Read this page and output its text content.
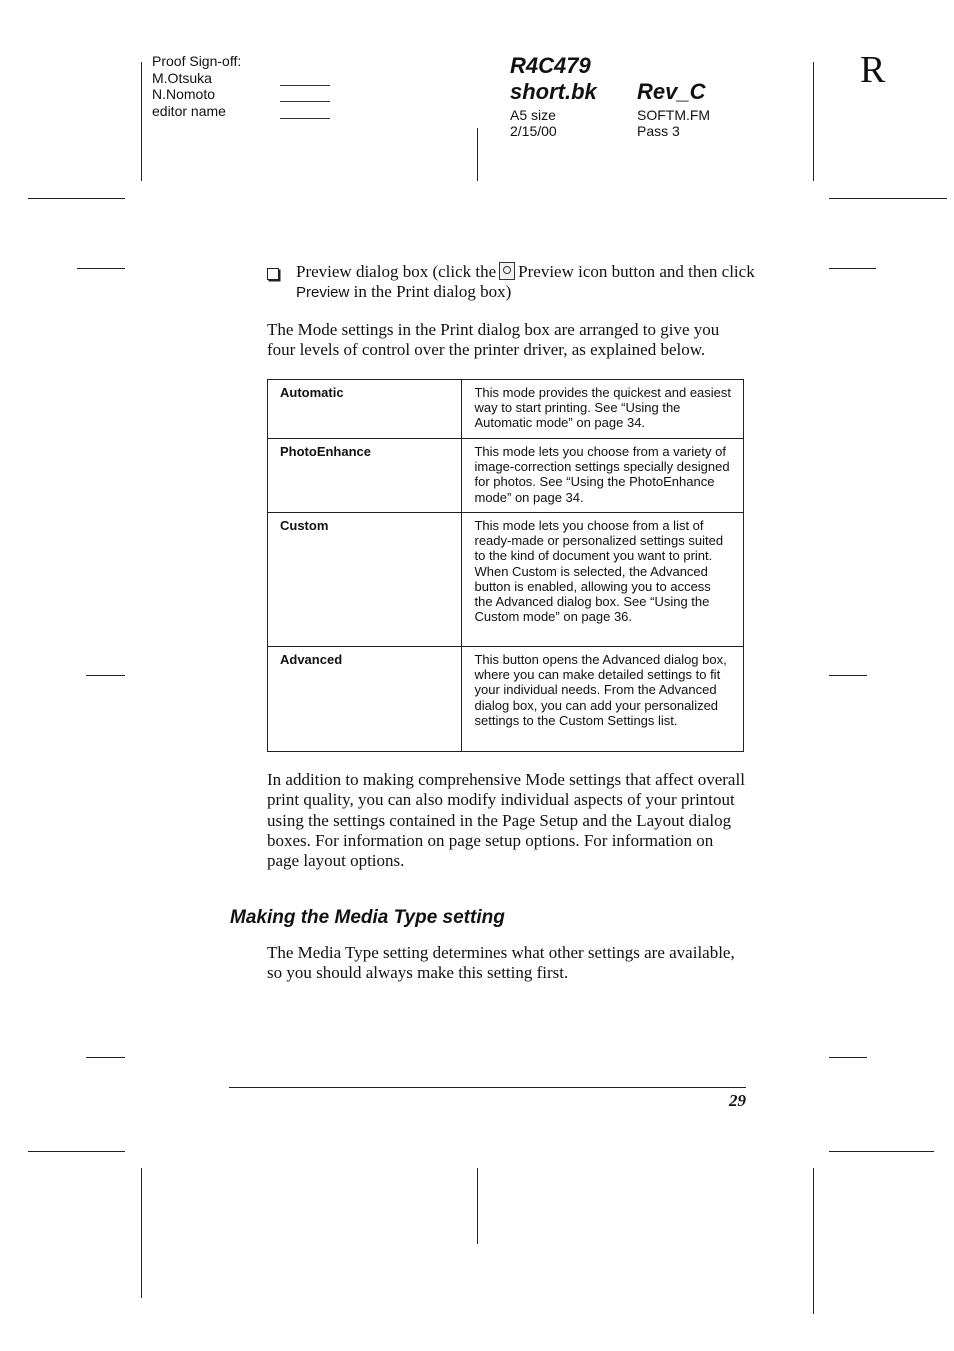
Proof Sign-off:
M.Otsuka
N.Nomoto
editor name
R4C479
short.bk Rev_C
A5 size
2/15/00
SOFTM.FM
Pass 3
R
Preview dialog box (click the Preview icon button and then click Preview in the Print dialog box)
The Mode settings in the Print dialog box are arranged to give you four levels of control over the printer driver, as explained below.
Automatic	This mode provides the quickest and easiest way to start printing. See “Using the Automatic mode” on page 34.
PhotoEnhance	This mode lets you choose from a variety of image-correction settings specially designed for photos. See “Using the PhotoEnhance mode” on page 34.
Custom	This mode lets you choose from a list of ready-made or personalized settings suited to the kind of document you want to print. When Custom is selected, the Advanced button is enabled, allowing you to access the Advanced dialog box. See “Using the Custom mode” on page 36.
Advanced	This button opens the Advanced dialog box, where you can make detailed settings to fit your individual needs. From the Advanced dialog box, you can add your personalized settings to the Custom Settings list.
In addition to making comprehensive Mode settings that affect overall print quality, you can also modify individual aspects of your printout using the settings contained in the Page Setup and the Layout dialog boxes. For information on page setup options. For information on page layout options.
Making the Media Type setting
The Media Type setting determines what other settings are available, so you should always make this setting first.
29
